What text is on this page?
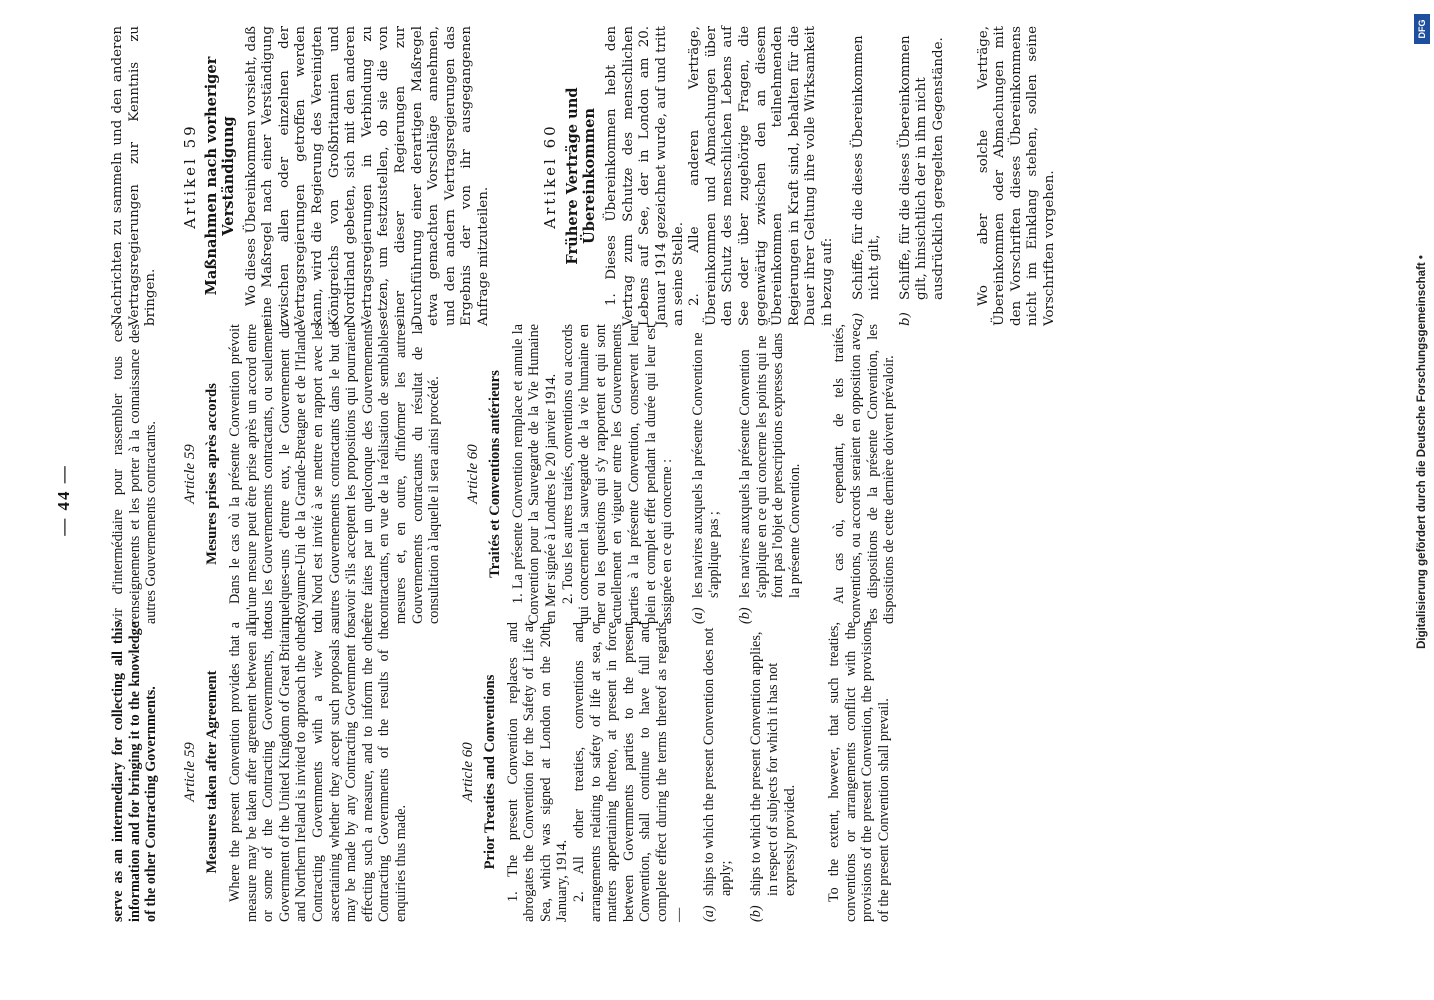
— 44 —

serve as an intermediary for collecting all this information and for bringing it to the knowledge of the other Contracting Governments. Article 59 Measures taken after Agreement Where the present Convention provides that a measure may be taken after agreement between all or some of the Contracting Governments, the Government of the United Kingdom of Great Britain and Northern Ireland is invited to approach the other Contracting Governments with a view to ascertaining whether they accept such proposals as may be made by any Contracting Government for effecting such a measure, and to inform the other Contracting Governments of the results of the enquiries thus made.

Article 60 Prior Treaties and Conventions 1. The present Convention replaces and abrogates the Convention for the Safety of Life at Sea, which was signed at London on the 20th January, 1914. 2. All other treaties, conventions and arrangements relating to safety of life at sea, or matters appertaining thereto, at present in force between Governments parties to the present Convention, shall continue to have full and complete effect during the terms thereof as regards— (a)
ships to which the present Convention does not apply;
(b)
ships to which the present Convention applies, in respect of subjects for which it has not expressly provided. To the extent, however, that such treaties, conventions or arrangements conflict with the provisions of the present Convention, the provisions of the present Convention shall prevail.

vir d'intermédiaire pour rassembler tous ces renseignements et les porter à la connaissance des autres Gouvernements contractants. Article 59 Mesures prises après accords Dans le cas où la présente Convention prévoit qu'une mesure peut être prise après un accord entre tous les Gouvernements contractants, ou seulement quelques-uns d'entre eux, le Gouvernement du Royaume-Uni de la Grande-Bretagne et de l'Irlande du Nord est invité à se mettre en rapport avec les autres Gouvernements contractants dans le but de savoir s'ils acceptent les propositions qui pourraient être faites par un quelconque des Gouvernements contractants, en vue de la réalisation de semblables mesures et, en outre, d'informer les autres Gouvernements contractants du résultat de la consultation à laquelle il sera ainsi procédé. Article 60 Traités et Conventions antérieurs 1. La présente Convention remplace et annule la Convention pour la Sauvegarde de la Vie Humaine en Mer signée à Londres le 20 janvier 1914. 2. Tous les autres traités, conventions ou accords qui concernent la sauvegarde de la vie humaine en mer ou les questions qui s'y rapportent et qui sont actuellement en vigueur entre les Gouvernements parties à la présente Convention, conservent leur plein et complet effet pendant la durée qui leur est assignée en ce qui concerne : (a)
les navires auxquels la présente Convention ne s'applique pas ;
(b)
les navires auxquels la présente Convention s'applique en ce qui concerne les points qui ne font pas l'objet de prescriptions expresses dans la présente Convention. Au cas où, cependant, de tels traités, conventions, ou accords seraient en opposition avec les dispositions de la présente Convention, les dispositions de cette dernière doivent prévaloir.

Nachrichten zu sammeln und den anderen Vertragsregierungen zur Kenntnis zu bringen.

Artikel 59 Maßnahmen nach vorheriger Verständigung Wo dieses Übereinkommen vorsieht, daß eine Maßregel nach einer Verständigung zwischen allen oder einzelnen der Vertragsregierungen getroffen werden kann, wird die Regierung des Vereinigten Königreichs von Großbritannien und Nordirland gebeten, sich mit den anderen Vertragsregierungen in Verbindung zu setzen, um festzustellen, ob sie die von einer dieser Regierungen zur Durchführung einer derartigen Maßregel etwa gemachten Vorschläge annehmen, und den andern Vertragsregierungen das Ergebnis der von ihr ausgegangenen Anfrage mitzuteilen.

Artikel 60 Frühere Verträge und Übereinkommen 1. Dieses Übereinkommen hebt den Vertrag zum Schutze des menschlichen Lebens auf See, der in London am 20. Januar 1914 gezeichnet wurde, auf und tritt an seine Stelle. 2. Alle anderen Verträge, Übereinkommen und Abmachungen über den Schutz des menschlichen Lebens auf See oder über zugehörige Fragen, die gegenwärtig zwischen den an diesem Übereinkommen teilnehmenden Regierungen in Kraft sind, behalten für die Dauer ihrer Geltung ihre volle Wirksamkeit in bezug auf: a)
Schiffe, für die dieses Übereinkommen nicht gilt,
b)
Schiffe, für die dieses Übereinkommen gilt, hinsichtlich der in ihm nicht ausdrücklich geregelten Gegenstände. Wo aber solche Verträge, Übereinkommen oder Abmachungen mit den Vorschriften dieses Übereinkommens nicht im Einklang stehen, sollen seine Vorschriften vorgehen.

DFG
Digitalisierung gefördert durch die Deutsche Forschungsgemeinschaft •
